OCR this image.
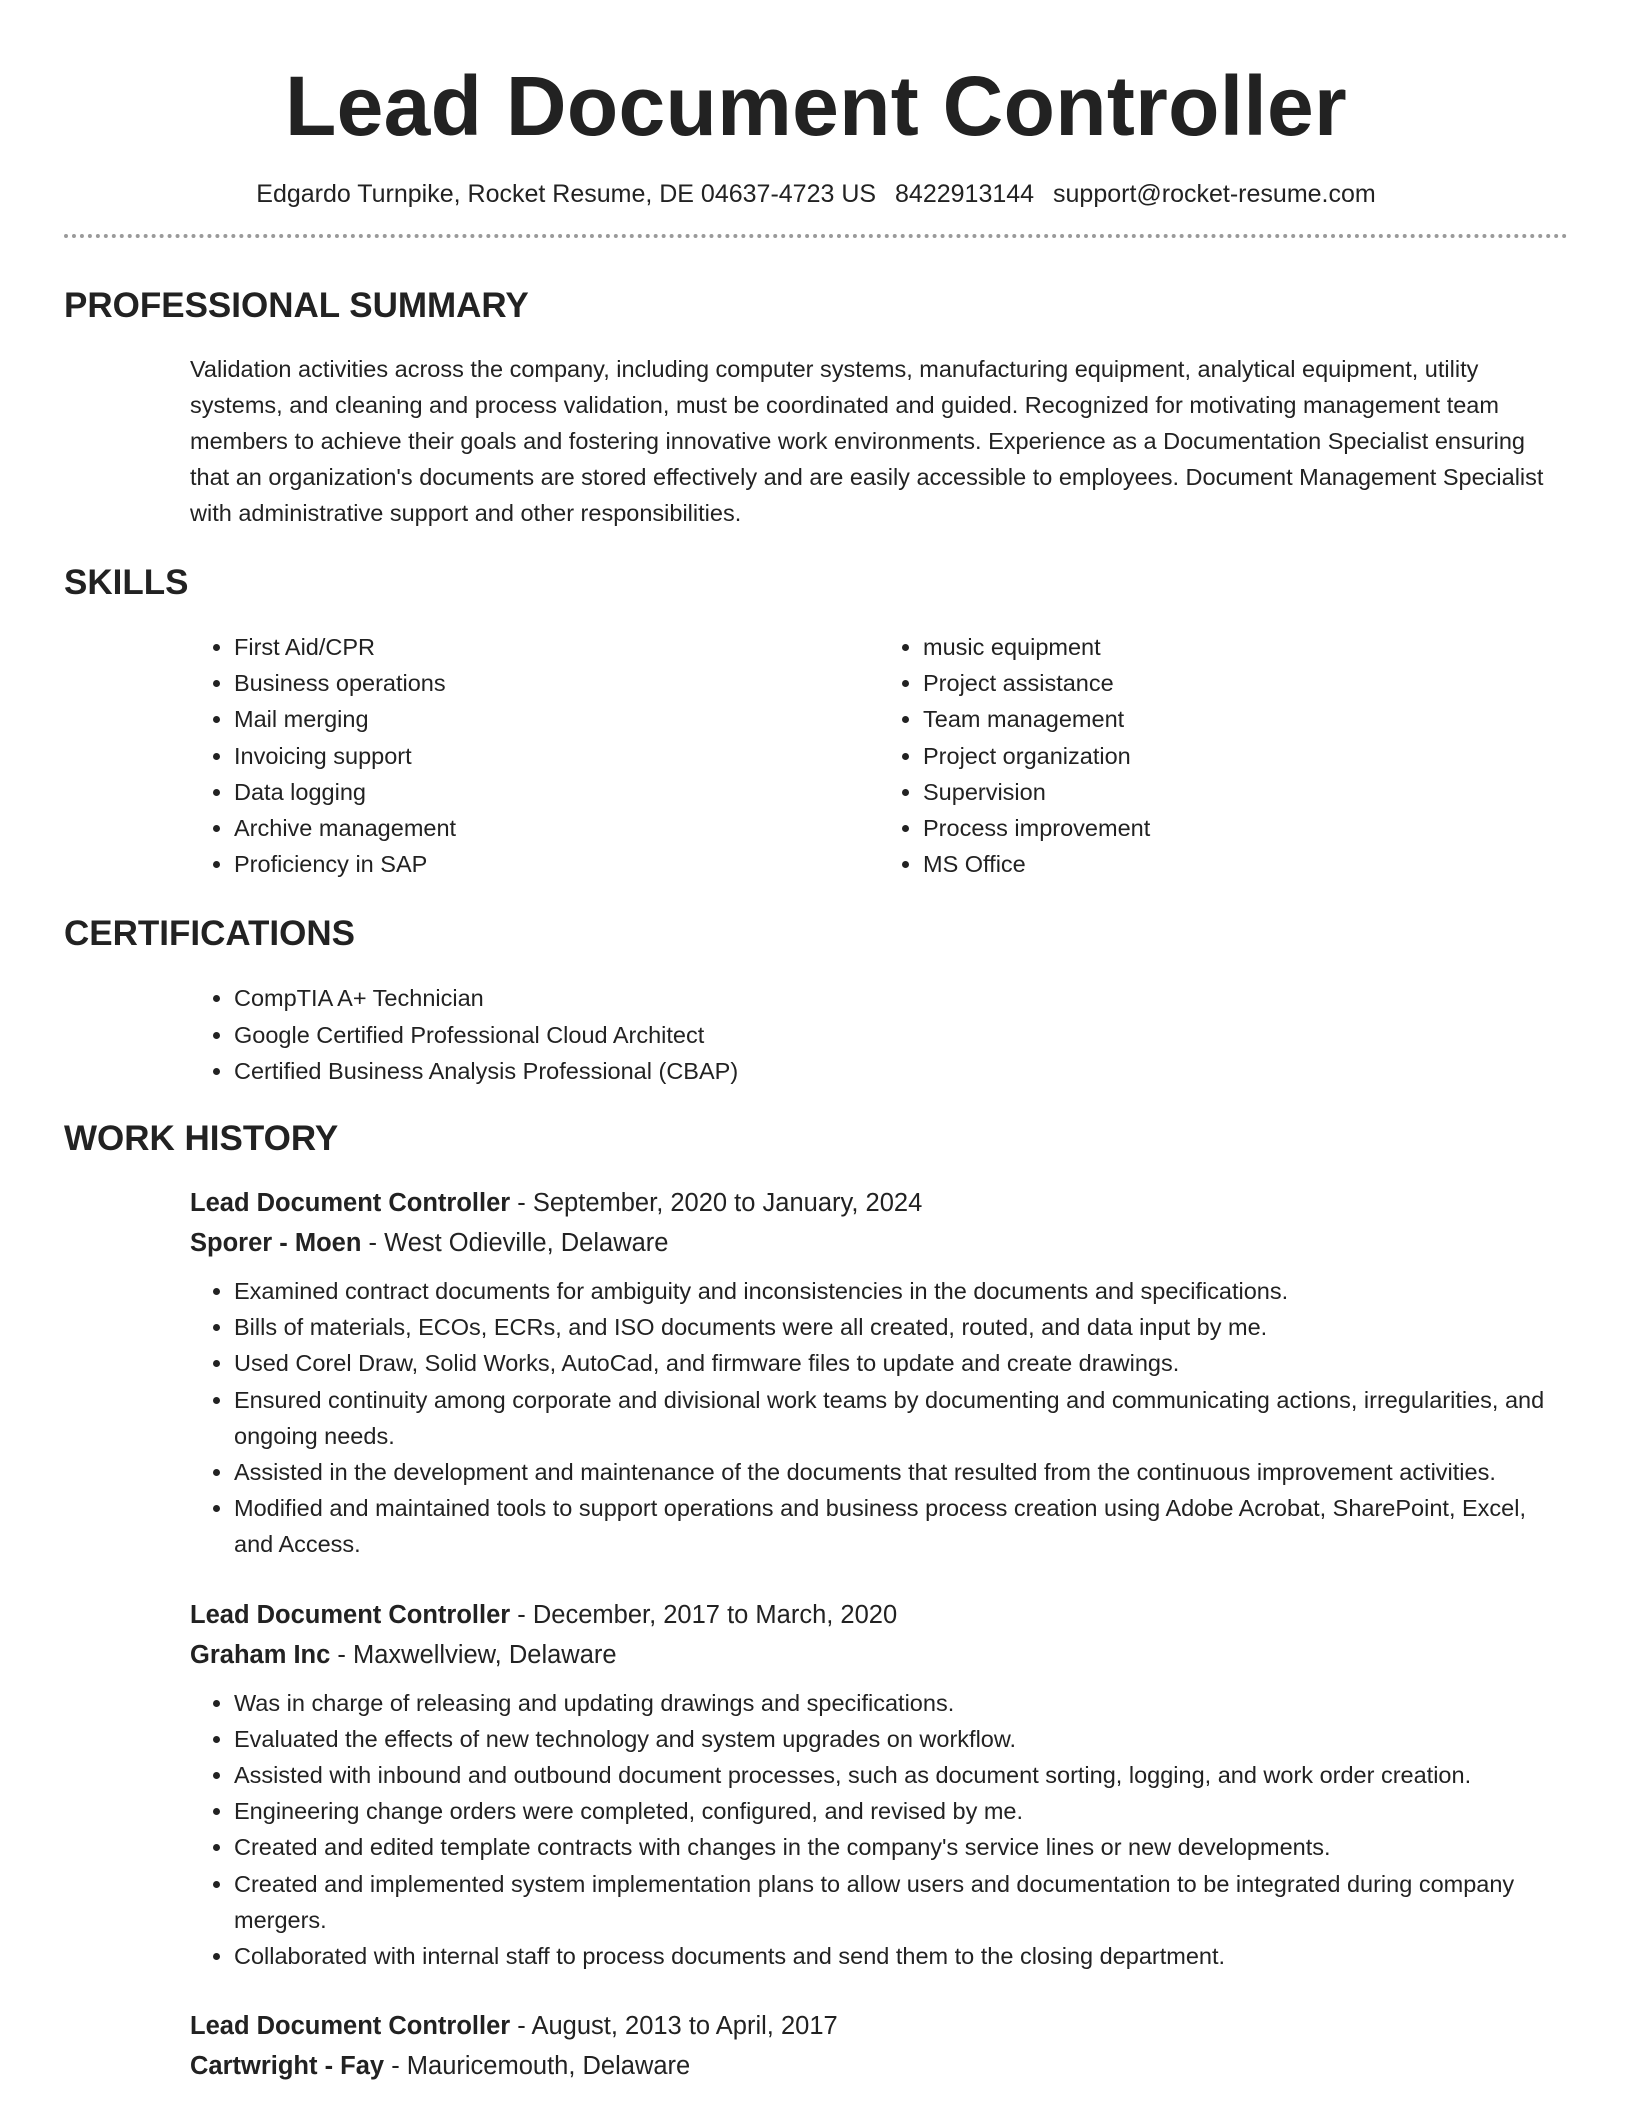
Lead Document Controller
Edgardo Turnpike, Rocket Resume, DE 04637-4723 US 8422913144 support@rocket-resume.com
PROFESSIONAL SUMMARY

Validation activities across the company, including computer systems, manufacturing equipment, analytical equipment, utility systems, and cleaning and process validation, must be coordinated and guided. Recognized for motivating management team members to achieve their goals and fostering innovative work environments. Experience as a Documentation Specialist ensuring that an organization's documents are stored effectively and are easily accessible to employees. Document Management Specialist with administrative support and other responsibilities.

SKILLS
• First Aid/CPR
• Business operations
• Mail merging
• Invoicing support
• Data logging
• Archive management
• Proficiency in SAP
• music equipment
• Project assistance
• Team management
• Project organization
• Supervision
• Process improvement
• MS Office
CERTIFICATIONS
• CompTIA A+ Technician
• Google Certified Professional Cloud Architect
• Certified Business Analysis Professional (CBAP)
WORK HISTORY
Lead Document Controller - September, 2020 to January, 2024
Sporer - Moen - West Odieville, Delaware
• Examined contract documents for ambiguity and inconsistencies in the documents and specifications.
• Bills of materials, ECOs, ECRs, and ISO documents were all created, routed, and data input by me.
• Used Corel Draw, Solid Works, AutoCad, and firmware files to update and create drawings.
• Ensured continuity among corporate and divisional work teams by documenting and communicating actions, irregularities, and ongoing needs.
• Assisted in the development and maintenance of the documents that resulted from the continuous improvement activities.
• Modified and maintained tools to support operations and business process creation using Adobe Acrobat, SharePoint, Excel, and Access.
Lead Document Controller - December, 2017 to March, 2020
Graham Inc - Maxwellview, Delaware
• Was in charge of releasing and updating drawings and specifications.
• Evaluated the effects of new technology and system upgrades on workflow.
• Assisted with inbound and outbound document processes, such as document sorting, logging, and work order creation.
• Engineering change orders were completed, configured, and revised by me.
• Created and edited template contracts with changes in the company's service lines or new developments.
• Created and implemented system implementation plans to allow users and documentation to be integrated during company mergers.
• Collaborated with internal staff to process documents and send them to the closing department.
Lead Document Controller - August, 2013 to April, 2017
Cartwright - Fay - Mauricemouth, Delaware
